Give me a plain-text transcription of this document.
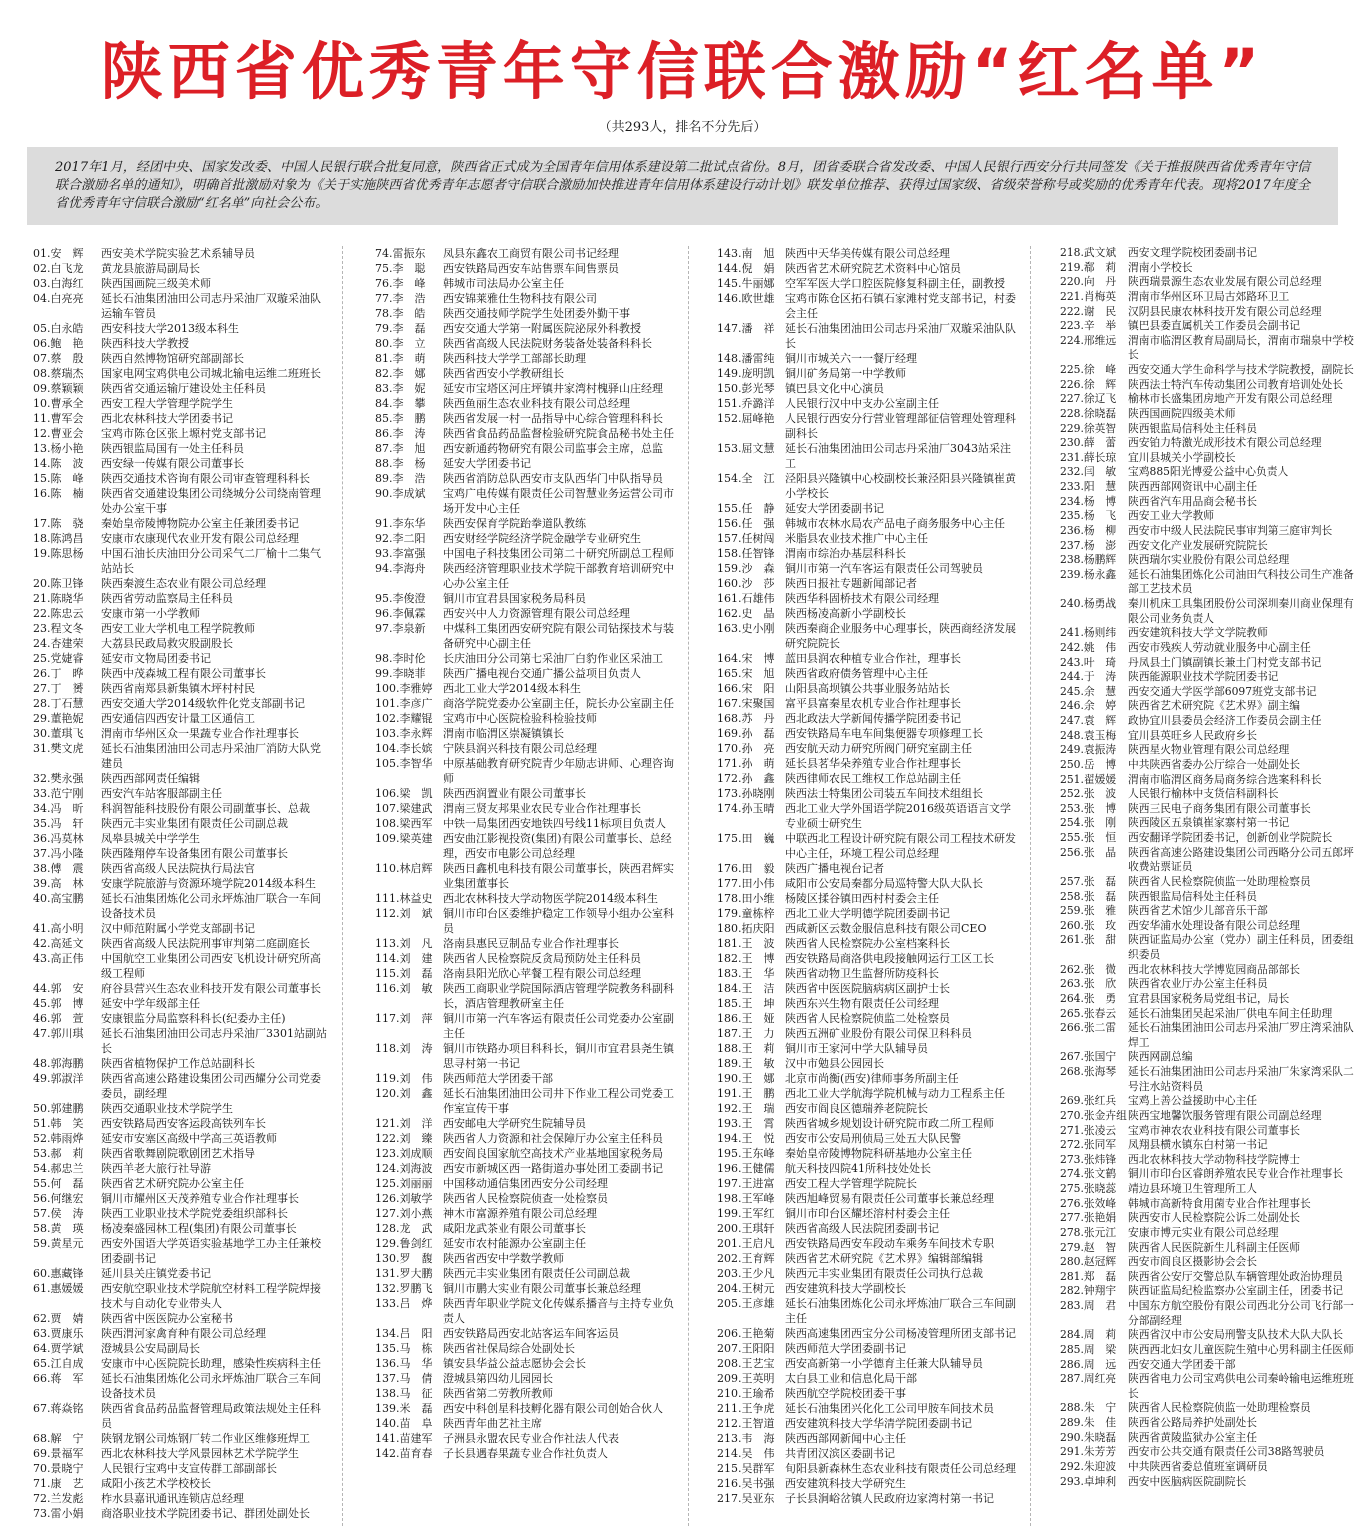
陕西省优秀青年守信联合激励“红名单”
（共293人，排名不分先后）
2017年1月，经团中央、国家发改委、中国人民银行联合批复同意，陕西省正式成为全国青年信用体系建设第二批试点省份。8月，团省委联合省发改委、中国人民银行西安分行共同签发《关于推报陕西省优秀青年守信联合激励名单的通知》，明确首批激励对象为《关于实施陕西省优秀青年志愿者守信联合激励加快推进青年信用体系建设行动计划》联发单位推荐、获得过国家级、省级荣誉称号或奖励的优秀青年代表。现将2017年度全省优秀青年守信联合激励“红名单”向社会公布。
01.安　辉	西安美术学院实验艺术系辅导员
02.白飞龙	黄龙县旅游局副局长
03.白海红	陕西国画院三级美术师
04.白亮亮	延长石油集团油田公司志丹采油厂双璇采油队运输车管员
05.白永皓	西安科技大学2013级本科生
06.鲍　艳	陕西科技大学教授
07.蔡　殷	陕西自然博物馆研究部副部长
08.蔡瑞杰	国家电网宝鸡供电公司城北输电运维二班班长
09.蔡颖颖	陕西省交通运输厅建设处主任科员
10.曹承全	西安工程大学管理学院学生
11.曹军会	西北农林科技大学团委书记
12.曹亚会	宝鸡市陈仓区张上塬村党支部书记
13.杨小艳	陕西银监局国有一处主任科员
14.陈　波	西安绿一传媒有限公司董事长
15.陈　峰	陕西交通技术咨询有限公司审查管理科科长
16.陈　楠	陕西省交通建设集团公司绕城分公司绕南管理处办公室干事
17.陈　骁	秦始皇帝陵博物院办公室主任兼团委书记
18.陈鸿昌	安康市农康现代农业开发有限公司总经理
19.陈思杨	中国石油长庆油田分公司采气二厂榆十二集气站站长
20.陈卫锋	陕西秦渡生态农业有限公司总经理
21.陈晓华	陕西省劳动监察局主任科员
22.陈忠云	安康市第一小学教师
23.程文冬	西安工业大学机电工程学院教师
24.杏建荣	大荔县民政局救灾股副股长
25.党婕睿	延安市文物局团委书记
26.丁　晔	陕西中茂森城工程有限公司董事长
27.丁　赟	陕西省南郑县新集镇木坪村村民
28.丁石慧	西安交通大学2014级软件化党支部副书记
29.董艳妮	西安通信四西安计量工区通信工
30.董琪飞	渭南市华州区众一果蔬专业合作社理事长
31.樊文虎	延长石油集团油田公司志丹采油厂消防大队党建员
32.樊永强	陕西西部网责任编辑
33.范宁刚	西安汽车站客服部副主任
34.冯　昕	科润智能科技股份有限公司副董事长、总裁
35.冯　轩	陕西元丰实业集团有限责任公司副总裁
36.冯莫林	凤皋县城关中学学生
37.冯小隆	陕西隆翔停车设备集团有限公司董事长
38.傅　震	陕西省高级人民法院执行局法官
39.高　林	安康学院旅游与资源环境学院2014级本科生
40.高宝鹏	延长石油集团炼化公司永坪炼油厂联合一车间设备技术员
41.高小明	汉中师范附属小学党支部副书记
42.高延文	陕西省高级人民法院刑事审判第二庭副庭长
43.高正伟	中国航空工业集团公司西安飞机设计研究所高级工程师
44.郭　安	府谷县营兴生态农业科技开发有限公司董事长
45.郭　博	延安中学年级部主任
46.郭　萱	安康银监分局监察科科长(纪委办主任)
47.郭川琪	延长石油集团油田公司志丹采油厂3301站副站长
48.郭海鹏	陕西省植物保护工作总站副科长
49.郭淑洋	陕西省高速公路建设集团公司西耀分公司党委委员，副经理
50.郭建鹏	陕西交通职业技术学院学生
51.韩　笑	西安铁路局西安客运段高铁列车长
52.韩雨烨	延安市安塞区高级中学高三英语教师
53.郝　莉	陕西省歌舞剧院歌剧团艺术指导
54.郝忠兰	陕西羊老大旅行社导游
55.何　磊	陕西省艺术研究院办公室主任
56.何继宏	铜川市耀州区天茂养殖专业合作社理事长
57.侯　涛	陕西工业职业技术学院党委组织部科长
58.黄　瑛	杨凌秦盛园林工程(集团)有限公司董事长
59.黄星元	西安外国语大学英语实验基地学工办主任兼校团委副书记
60.惠藏锋	延川县关庄镇党委书记
61.惠媛媛	西安航空职业技术学院航空材料工程学院焊接技术与自动化专业带头人
62.贾　婧	陕西省中医医院办公室秘书
63.贾康乐	陕西渭河家禽育种有限公司总经理
64.贾学斌	澄城县公安局副局长
65.江自成	安康市中心医院院长助理，感染性疾病科主任
66.蒋　军	延长石油集团炼化公司永坪炼油厂联合三车间设备技术员
67.蒋焱铭	陕西省食品药品监督管理局政策法规处主任科员
68.解　宁	陕钢龙钢公司炼钢厂转二作业区维修班焊工
69.景福军	西北农林科技大学风景园林艺术学院学生
70.景晓宁	人民银行宝鸡中支宣传群工部副部长
71.康　艺	咸阳小孩艺术学校校长
72.兰发彪	柞水县嘉讯通讯连锁店总经理
73.雷小娟	商洛职业技术学院团委书记、群团处副处长
74.雷振东	凤县东鑫农工商贸有限公司书记经理
75.李　聪	西安铁路局西安车站售票车间售票员
76.李　峰	韩城市司法局办公室主任
77.李　浩	西安锦莱雅仕生物科技有限公司
78.李　皓	陕西交通技师学院学生处团委外勤干事
79.李　磊	西安交通大学第一附属医院泌尿外科教授
80.李　立	陕西省高级人民法院财务装备处装备科科长
81.李　萌	陕西科技大学学工部部长助理
82.李　娜	陕西省西安小学教研组长
83.李　妮	延安市宝塔区河庄坪镇井家湾村槐驿山庄经理
84.李　攀	陕西鱼丽生态农业科技有限公司总经理
85.李　鹏	陕西省发展一村一品指导中心综合管理科科长
86.李　涛	陕西省食品药品监督检验研究院食品秘书处主任
87.李　旭	西安新通药物研究有限公司监事会主席，总监
88.李　杨	延安大学团委书记
89.李　浩	陕西省消防总队西安市支队西华门中队指导员
90.李成斌	宝鸡广电传媒有限责任公司智慧业务运营公司市场开发中心主任
91.李东华	陕西安保育学院跆拳道队教练
92.李二阳	西安财经学院经济学院金融学专业研究生
93.李富强	中国电子科技集团公司第二十研究所副总工程师
94.李海舟	陕西经济管理职业技术学院干部教育培训研究中心办公室主任
95.李俊澄	铜川市宜君县国家税务局科员
96.李佩霖	西安兴中人力资源管理有限公司总经理
97.李泉新	中煤科工集团西安研究院有限公司钻探技术与装备研究中心副主任
98.李时伦	长庆油田分公司第七采油厂白豹作业区采油工
99.李晓菲	陕西广播电视台交通广播公益项目负责人
100.李雅婷 西北工业大学2014级本科生
101.李彦广 商洛学院党委办公室副主任，院长办公室副主任
102.李耀锟 宝鸡市中心医院检验科检验技师
103.李永辉 渭南市临渭区崇凝镇镇长
104.李长嫔 宁陕县润兴科技有限公司总经理
105.李智华 中原基础教育研究院青少年励志讲师、心理咨询师
106.梁　凯 陕西西润置业有限公司董事长
107.梁建武 渭南三贤友邦果业农民专业合作社理事长
108.梁西军 中铁一局集团西安地铁四号线11标项目负责人
109.梁英建 西安曲江影视投资(集团)有限公司董事长、总经理，西安市电影公司总经理
110.林启辉 陕西日鑫机电科技有限公司董事长，陕西君辉实业集团董事长
111.林益史 西北农林科技大学动物医学院2014级本科生
112.刘　斌 铜川市印台区委维护稳定工作领导小组办公室科员
113.刘　凡 洛南县惠民豆制品专业合作社理事长
114.刘　建 陕西省人民检察院反贪局预防处主任科员
115.刘　磊 洛南县阳光欣心苹餐工程有限公司总经理
116.刘　敏 陕西工商职业学院国际酒店管理学院教务科副科长，酒店管理教研室主任
117.刘　萍 铜川市第一汽车客运有限责任公司党委办公室副主任
118.刘　涛 铜川市铁路办项目科科长，铜川市宜君县尧生镇思寻村第一书记
119.刘　伟 陕西师范大学团委干部
120.刘　鑫 延长石油集团油田公司井下作业工程公司党委工作室宣传干事
121.刘　洋 西安邮电大学研究生院辅导员
122.刘　臻 陕西省人力资源和社会保障厅办公室主任科员
123.刘成顺 西安阎良国家航空高技术产业基地国家税务局
124.刘海波 西安市新城区西一路街道办事处团工委副书记
125.刘丽丽 中国移动通信集团西安分公司经理
126.刘敏学 陕西省人民检察院侦查一处检察员
127.刘小燕 神木市富源养殖有限公司总经理
128.龙　武 咸阳龙武茶业有限公司董事长
129.鲁剑红 延安市农村能源办公室副主任
130.罗　馥 陕西省西安中学数学教师
131.罗大鹏 陕西元丰实业集团有限责任公司副总裁
132.罗鹏飞 铜川市鹏大实业有限公司董事长兼总经理
133.吕　烨 陕西青年职业学院文化传媒系播音与主持专业负责人
134.吕　阳 西安铁路局西安北站客运车间客运员
135.马　栋 陕西省社保局综合处副处长
136.马　华 镇安县华益公益志愿协会会长
137.马　倩 澄城县第四幼儿园园长
138.马　征 陕西省第二劳教所教师
139.米　磊 西安中科创星科技孵化器有限公司创始合伙人
140.苗　阜 陕西青年曲艺社主席
141.苗建军 子洲县永盟农民专业合作社法人代表
142.苗育春 子长县遇春果蔬专业合作社负责人
143.南　旭 陕西中天华美传媒有限公司总经理
144.倪　娟 陕西省艺术研究院艺术资料中心馆员
145.牛丽娜 空军军医大学口腔医院修复科副主任，副教授
146.欧世雄 宝鸡市陈仓区拓石镇石家滩村党支部书记，村委会主任
147.潘　祥 延长石油集团油田公司志丹采油厂双璇采油队队长
148.潘雷纯 铜川市城关六一一餐厅经理
149.庞明凯 铜川矿务局第一中学教师
150.彭光琴 镇巴县文化中心演员
151.乔潞洋 人民银行汉中中支办公室副主任
152.屈峰艳 人民银行西安分行营业管理部征信管理处管理科副科长
153.屈文慧 延长石油集团油田公司志丹采油厂3043站采注工
154.全　江 泾阳县兴隆镇中心校副校长兼泾阳县兴隆镇崔黄小学校长
155.任　静 延安大学团委副书记
156.任　强 韩城市农林水局农产品电子商务服务中心主任
157.任树闯 米脂县农业技术推广中心主任
158.任智锋 渭南市综治办基层科科长
159.沙　森 铜川市第一汽车客运有限责任公司驾驶员
160.沙　莎 陕西日报社专题新闻部记者
161.石雄伟 陕西华科固桥技术有限公司经理
162.史　晶 陕西杨凌高新小学副校长
163.史小刚 陕西秦商企业服务中心理事长，陕西商经济发展研究院院长
164.宋　博 蓝田县润农种植专业合作社，理事长
165.宋　旭 陕西省政府债务管理中心主任
166.宋　阳 山阳县高坝镇公共事业服务站站长
167.宋聚国 富平县富秦星农机专业合作社理事长
168.苏　丹 西北政法大学新闻传播学院团委书记
169.孙　磊 西安铁路局车电车间集便器专项修理工长
170.孙　亮 西安航天动力研究所阀门研究室副主任
171.孙　萌 延长县茗华朵养殖专业合作社理事长
172.孙　鑫 陕西律师农民工维权工作总站副主任
173.孙晓刚 陕西法士特集团公司装五车间技术组组长
174.孙玉晴 西北工业大学外国语学院2016级英语语言文学专业硕士研究生
175.田　巍 中联西北工程设计研究院有限公司工程技术研发中心主任，环境工程公司总经理
176.田　毅 陕西广播电视台记者
177.田小伟 咸阳市公安局秦都分局巡特警大队大队长
178.田小维 杨陵区揉谷镇田西村村委会主任
179.童栋梓 西北工业大学明德学院团委副书记
180.拓庆阳 西咸新区云数金服信息科技有限公司CEO
181.王　波 陕西省人民检察院办公室档案科长
182.王　博 西安铁路局商洛供电段接触网运行工区工长
183.王　华 陕西省动物卫生监督所防疫科长
184.王　洁 陕西省中医医院脑病病区副护士长
185.王　坤 陕西东兴生物有限责任公司经理
186.王　娅 陕西省人民检察院侦监二处检察员
187.王　力 陕西五洲矿业股份有限公司保卫科科员
188.王　莉 铜川市王家河中学大队辅导员
189.王　敏 汉中市勉县公园园长
190.王　娜 北京市尚衡(西安)律师事务所副主任
191.王　鹏 西北工业大学航海学院机械与动力工程系主任
192.王　瑞 西安市阎良区德瑞养老院院长
193.王　霄 陕西省城乡规划设计研究院市政二所工程师
194.王　悦 西安市公安局刑侦局三处五大队民警
195.王东峰 秦始皇帝陵博物院科研基地办公室主任
196.王健儒 航天科技四院41所科技处处长
197.王进富 西安工程大学管理学院院长
198.王军峰 陕西旭峰贸易有限责任公司董事长兼总经理
199.王军红 铜川市印台区耀坯溶村村委会主任
200.王琪轩 陕西省高级人民法院团委副书记
201.王启凡 西安铁路局西安车段动车乘务车间技术专职
202.王育辉 陕西省艺术研究院《艺术界》编辑部编辑
203.王少凡 陕西元丰实业集团有限责任公司执行总裁
204.王树元 西安建筑科技大学副校长
205.王彦雄 延长石油集团炼化公司永坪炼油厂联合三车间副主任
206.王艳菊 陕西高速集团西宝分公司杨凌管理所团支部书记
207.王阳阳 陕西师范大学团委副书记
208.王艺宝 西安高新第一小学德育主任兼大队辅导员
209.王英明 太白县工业和信息化局干部
210.王瑜希 陕西航空学院校团委干事
211.王争虎 延长石油集团兴化化工公司甲胺车间技术员
212.王智道 西安建筑科技大学华清学院团委副书记
213.韦　海 陕西西部网新闻中心主任
214.吴　伟 共青团汉滨区委副书记
215.吴群军 旬阳县新森林生态农业科技有限责任公司总经理
216.吴书强 西安建筑科技大学研究生
217.吴亚东 子长县涧峪岔镇人民政府边家湾村第一书记
218.武文斌	西安文理学院校团委副书记
219.郗　莉	渭南小学校长
220.向　丹	陕西瑞景源生态农业发展有限公司总经理
221.肖梅英	渭南市华州区环卫局古郊路环卫工
222.谢　民	汉阴县民康农林科技开发有限公司总经理
223.辛　举	镇巴县委直属机关工作委员会副书记
224.邢维远	渭南市临渭区教育局副局长，渭南市瑞泉中学校长
225.徐　峰	西安交通大学生命科学与技术学院教授，副院长
226.徐　辉	陕西法士特汽车传动集团公司教育培训处处长
227.徐辽飞	榆林市长盛集团房地产开发有限公司总经理
228.徐晓磊	陕西国画院四级美术师
229.徐英智	陕西银监局信科处主任科员
230.薛　蕾	西安铂力特激光成形技术有限公司总经理
231.薛长琼	宜川县城关小学副校长
232.闫　敏	宝鸡885阳光博爱公益中心负责人
233.阳　慧	陕西西部网资讯中心副主任
234.杨　博	陕西省汽车用品商会秘书长
235.杨　飞	西安工业大学教师
236.杨　柳	西安市中级人民法院民事审判第三庭审判长
237.杨　澎	西安文化产业发展研究院院长
238.杨鹏辉	陕西瑞尔实业股份有限公司总经理
239.杨永鑫	延长石油集团炼化公司油田气科技公司生产准备部工艺技术员
240.杨勇战	秦川机床工具集团股份公司深圳秦川商业保理有限公司业务负责人
241.杨则纬	西安建筑科技大学文学院教师
242.姚　伟	西安市残疾人劳动就业服务中心副主任
243.叶　琦	丹凤县土门镇副镇长兼土门村党支部书记
244.于　涛	陕西能源职业技术学院团委书记
245.余　慧	西安交通大学医学部6097班党支部书记
246.余　婷	陕西省艺术研究院《艺术界》副主编
247.袁　辉	政协宜川县委员会经济工作委员会副主任
248.袁玉梅	宜川县英旺乡人民政府乡长
249.袁振涛	陕西星火物业管理有限公司总经理
250.岳　博	中共陕西省委办公厅综合一处副处长
251.翟媛媛	渭南市临渭区商务局商务综合选案科科长
252.张　波	人民银行榆林中支货信科副科长
253.张　博	陕西三民电子商务集团有限公司董事长
254.张　刚	陕西陵区五泉镇崔家寨村第一书记
255.张　恒	西安翻译学院团委书记，创新创业学院院长
256.张　晶	陕西省高速公路建设集团公司西略分公司五郎坪收费站票证员
257.张　磊	陕西省人民检察院侦监一处助理检察员
258.张　磊	陕西银监局信科处主任科员
259.张　雅	陕西省艺术馆少儿部音乐干部
260.张　玫	西安华浦水处理设备有限公司总经理
261.张　甜	陕西证监局办公室（党办）副主任科员，团委组织委员
262.张　微	西北农林科技大学博览园商品部部长
263.张　欣	陕西省农业厅办公室主任科员
264.张　勇	宜君县国家税务局党组书记，局长
265.张春云	延长石油集团吴起采油厂供电车间主任助理
266.张二雷	延长石油集团油田公司志丹采油厂罗庄湾采油队焊工
267.张国宁	陕西网副总编
268.张海琴	延长石油集团油田公司志丹采油厂朱家湾采队二号注水站资料员
269.张红兵	宝鸡上善公益援助中心主任
270.张金卉组 陕西宝地馨饮服务管理有限公司副总经理
271.张凌云	宝鸡市神农农业科技有限公司董事长
272.张同军	凤翔县横水镇东白村第一书记
273.张炜锋	西北农林科技大学动物科技学院博士
274.张文鹤	铜川市印台区睿朗养殖农民专业合作社理事长
275.张晓蕊	靖边县环境卫生管理所工人
276.张效峰	韩城市高新特食用菌专业合作社理事长
277.张艳娟	陕西安市人民检察院公诉二处副处长
278.张元江	安康市博元实业有限公司总经理
279.赵　智	陕西省人民医院新生儿科副主任医师
280.赵冠辉	西安市阎良区摄影协会会长
281.郑　磊	陕西省公安厅交警总队车辆管理处政治协理员
282.钟翔宇	陕西证监局纪检监察办公室副主任，团委书记
283.周　君	中国东方航空股份有限公司西北分公司飞行部一分部副经理
284.周　莉	陕西省汉中市公安局刑警支队技术大队大队长
285.周　梁	陕西西北妇女儿童医院生殖中心男科副主任医师
286.周　远	西安交通大学团委干部
287.周红亮	陕西省电力公司宝鸡供电公司秦岭输电运维班班长
288.朱　宁	陕西省人民检察院侦监一处助理检察员
289.朱　佳	陕西省公路局养护处副处长
290.朱晓磊	陕西省黄陵监狱办公室主任
291.朱芳芳	西安市公共交通有限责任公司38路驾驶员
292.朱迎波	中共陕西省委总值班室调研员
293.卓坤利	西安中医脑病医院副院长
